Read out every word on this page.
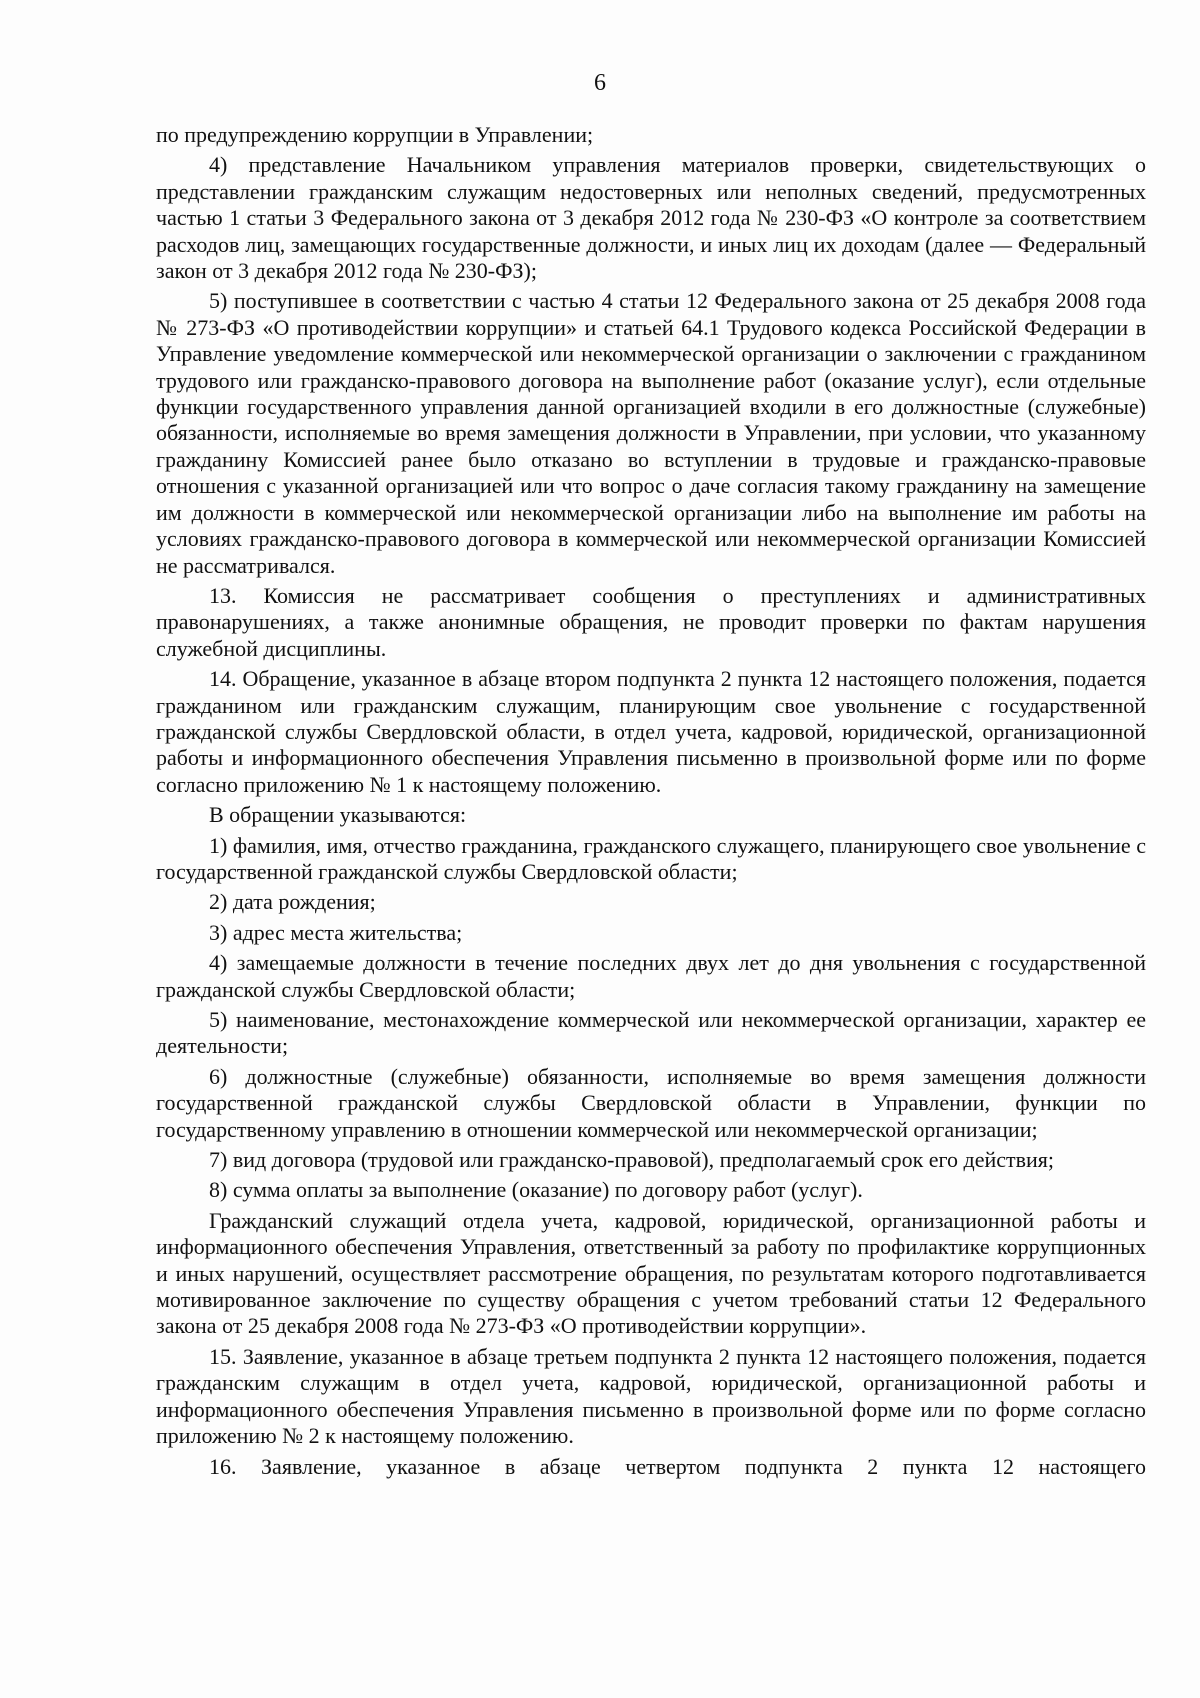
6

по предупреждению коррупции в Управлении;

4) представление Начальником управления материалов проверки, свидетельствующих о представлении гражданским служащим недостоверных или неполных сведений, предусмотренных частью 1 статьи 3 Федерального закона от 3 декабря 2012 года № 230-ФЗ «О контроле за соответствием расходов лиц, замещающих государственные должности, и иных лиц их доходам (далее — Федеральный закон от 3 декабря 2012 года № 230-ФЗ);

5) поступившее в соответствии с частью 4 статьи 12 Федерального закона от 25 декабря 2008 года № 273-ФЗ «О противодействии коррупции» и статьей 64.1 Трудового кодекса Российской Федерации в Управление уведомление коммерческой или некоммерческой организации о заключении с гражданином трудового или гражданско-правового договора на выполнение работ (оказание услуг), если отдельные функции государственного управления данной организацией входили в его должностные (служебные) обязанности, исполняемые во время замещения должности в Управлении, при условии, что указанному гражданину Комиссией ранее было отказано во вступлении в трудовые и гражданско-правовые отношения с указанной организацией или что вопрос о даче согласия такому гражданину на замещение им должности в коммерческой или некоммерческой организации либо на выполнение им работы на условиях гражданско-правового договора в коммерческой или некоммерческой организации Комиссией не рассматривался.

13. Комиссия не рассматривает сообщения о преступлениях и административных правонарушениях, а также анонимные обращения, не проводит проверки по фактам нарушения служебной дисциплины.

14. Обращение, указанное в абзаце втором подпункта 2 пункта 12 настоящего положения, подается гражданином или гражданским служащим, планирующим свое увольнение с государственной гражданской службы Свердловской области, в отдел учета, кадровой, юридической, организационной работы и информационного обеспечения Управления письменно в произвольной форме или по форме согласно приложению № 1 к настоящему положению.

В обращении указываются:

1) фамилия, имя, отчество гражданина, гражданского служащего, планирующего свое увольнение с государственной гражданской службы Свердловской области;

2) дата рождения;

3) адрес места жительства;

4) замещаемые должности в течение последних двух лет до дня увольнения с государственной гражданской службы Свердловской области;

5) наименование, местонахождение коммерческой или некоммерческой организации, характер ее деятельности;

6) должностные (служебные) обязанности, исполняемые во время замещения должности государственной гражданской службы Свердловской области в Управлении, функции по государственному управлению в отношении коммерческой или некоммерческой организации;

7) вид договора (трудовой или гражданско-правовой), предполагаемый срок его действия;

8) сумма оплаты за выполнение (оказание) по договору работ (услуг).

Гражданский служащий отдела учета, кадровой, юридической, организационной работы и информационного обеспечения Управления, ответственный за работу по профилактике коррупционных и иных нарушений, осуществляет рассмотрение обращения, по результатам которого подготавливается мотивированное заключение по существу обращения с учетом требований статьи 12 Федерального закона от 25 декабря 2008 года № 273-ФЗ «О противодействии коррупции».

15. Заявление, указанное в абзаце третьем подпункта 2 пункта 12 настоящего положения, подается гражданским служащим в отдел учета, кадровой, юридической, организационной работы и информационного обеспечения Управления письменно в произвольной форме или по форме согласно приложению № 2 к настоящему положению.

16. Заявление, указанное в абзаце четвертом подпункта 2 пункта 12 настоящего
